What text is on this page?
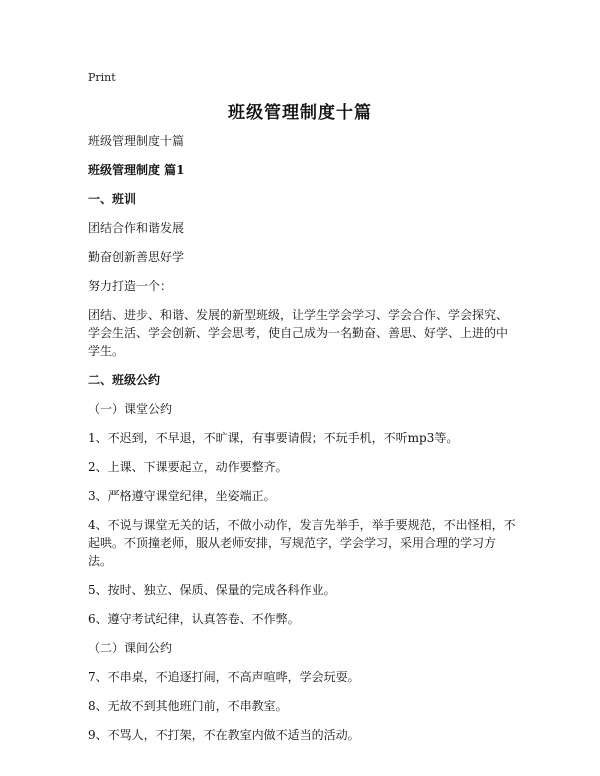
Print
班级管理制度十篇

班级管理制度十篇

班级管理制度 篇1

一、班训

团结合作和谐发展

勤奋创新善思好学

努力打造一个：

团结、进步、和谐、发展的新型班级，让学生学会学习、学会合作、学会探究、学会生活、学会创新、学会思考，使自己成为一名勤奋、善思、好学、上进的中学生。

二、班级公约

（一）课堂公约

1、不迟到，不早退，不旷课，有事要请假；不玩手机，不听mp3等。

2、上课、下课要起立，动作要整齐。

3、严格遵守课堂纪律，坐姿端正。

4、不说与课堂无关的话，不做小动作，发言先举手，举手要规范，不出怪相，不起哄。不顶撞老师，服从老师安排，写规范字，学会学习，采用合理的学习方法。

5、按时、独立、保质、保量的完成各科作业。

6、遵守考试纪律，认真答卷、不作弊。

（二）课间公约

7、不串桌，不追逐打闹，不高声喧哗，学会玩耍。

8、无故不到其他班门前，不串教室。

9、不骂人，不打架，不在教室内做不适当的活动。
